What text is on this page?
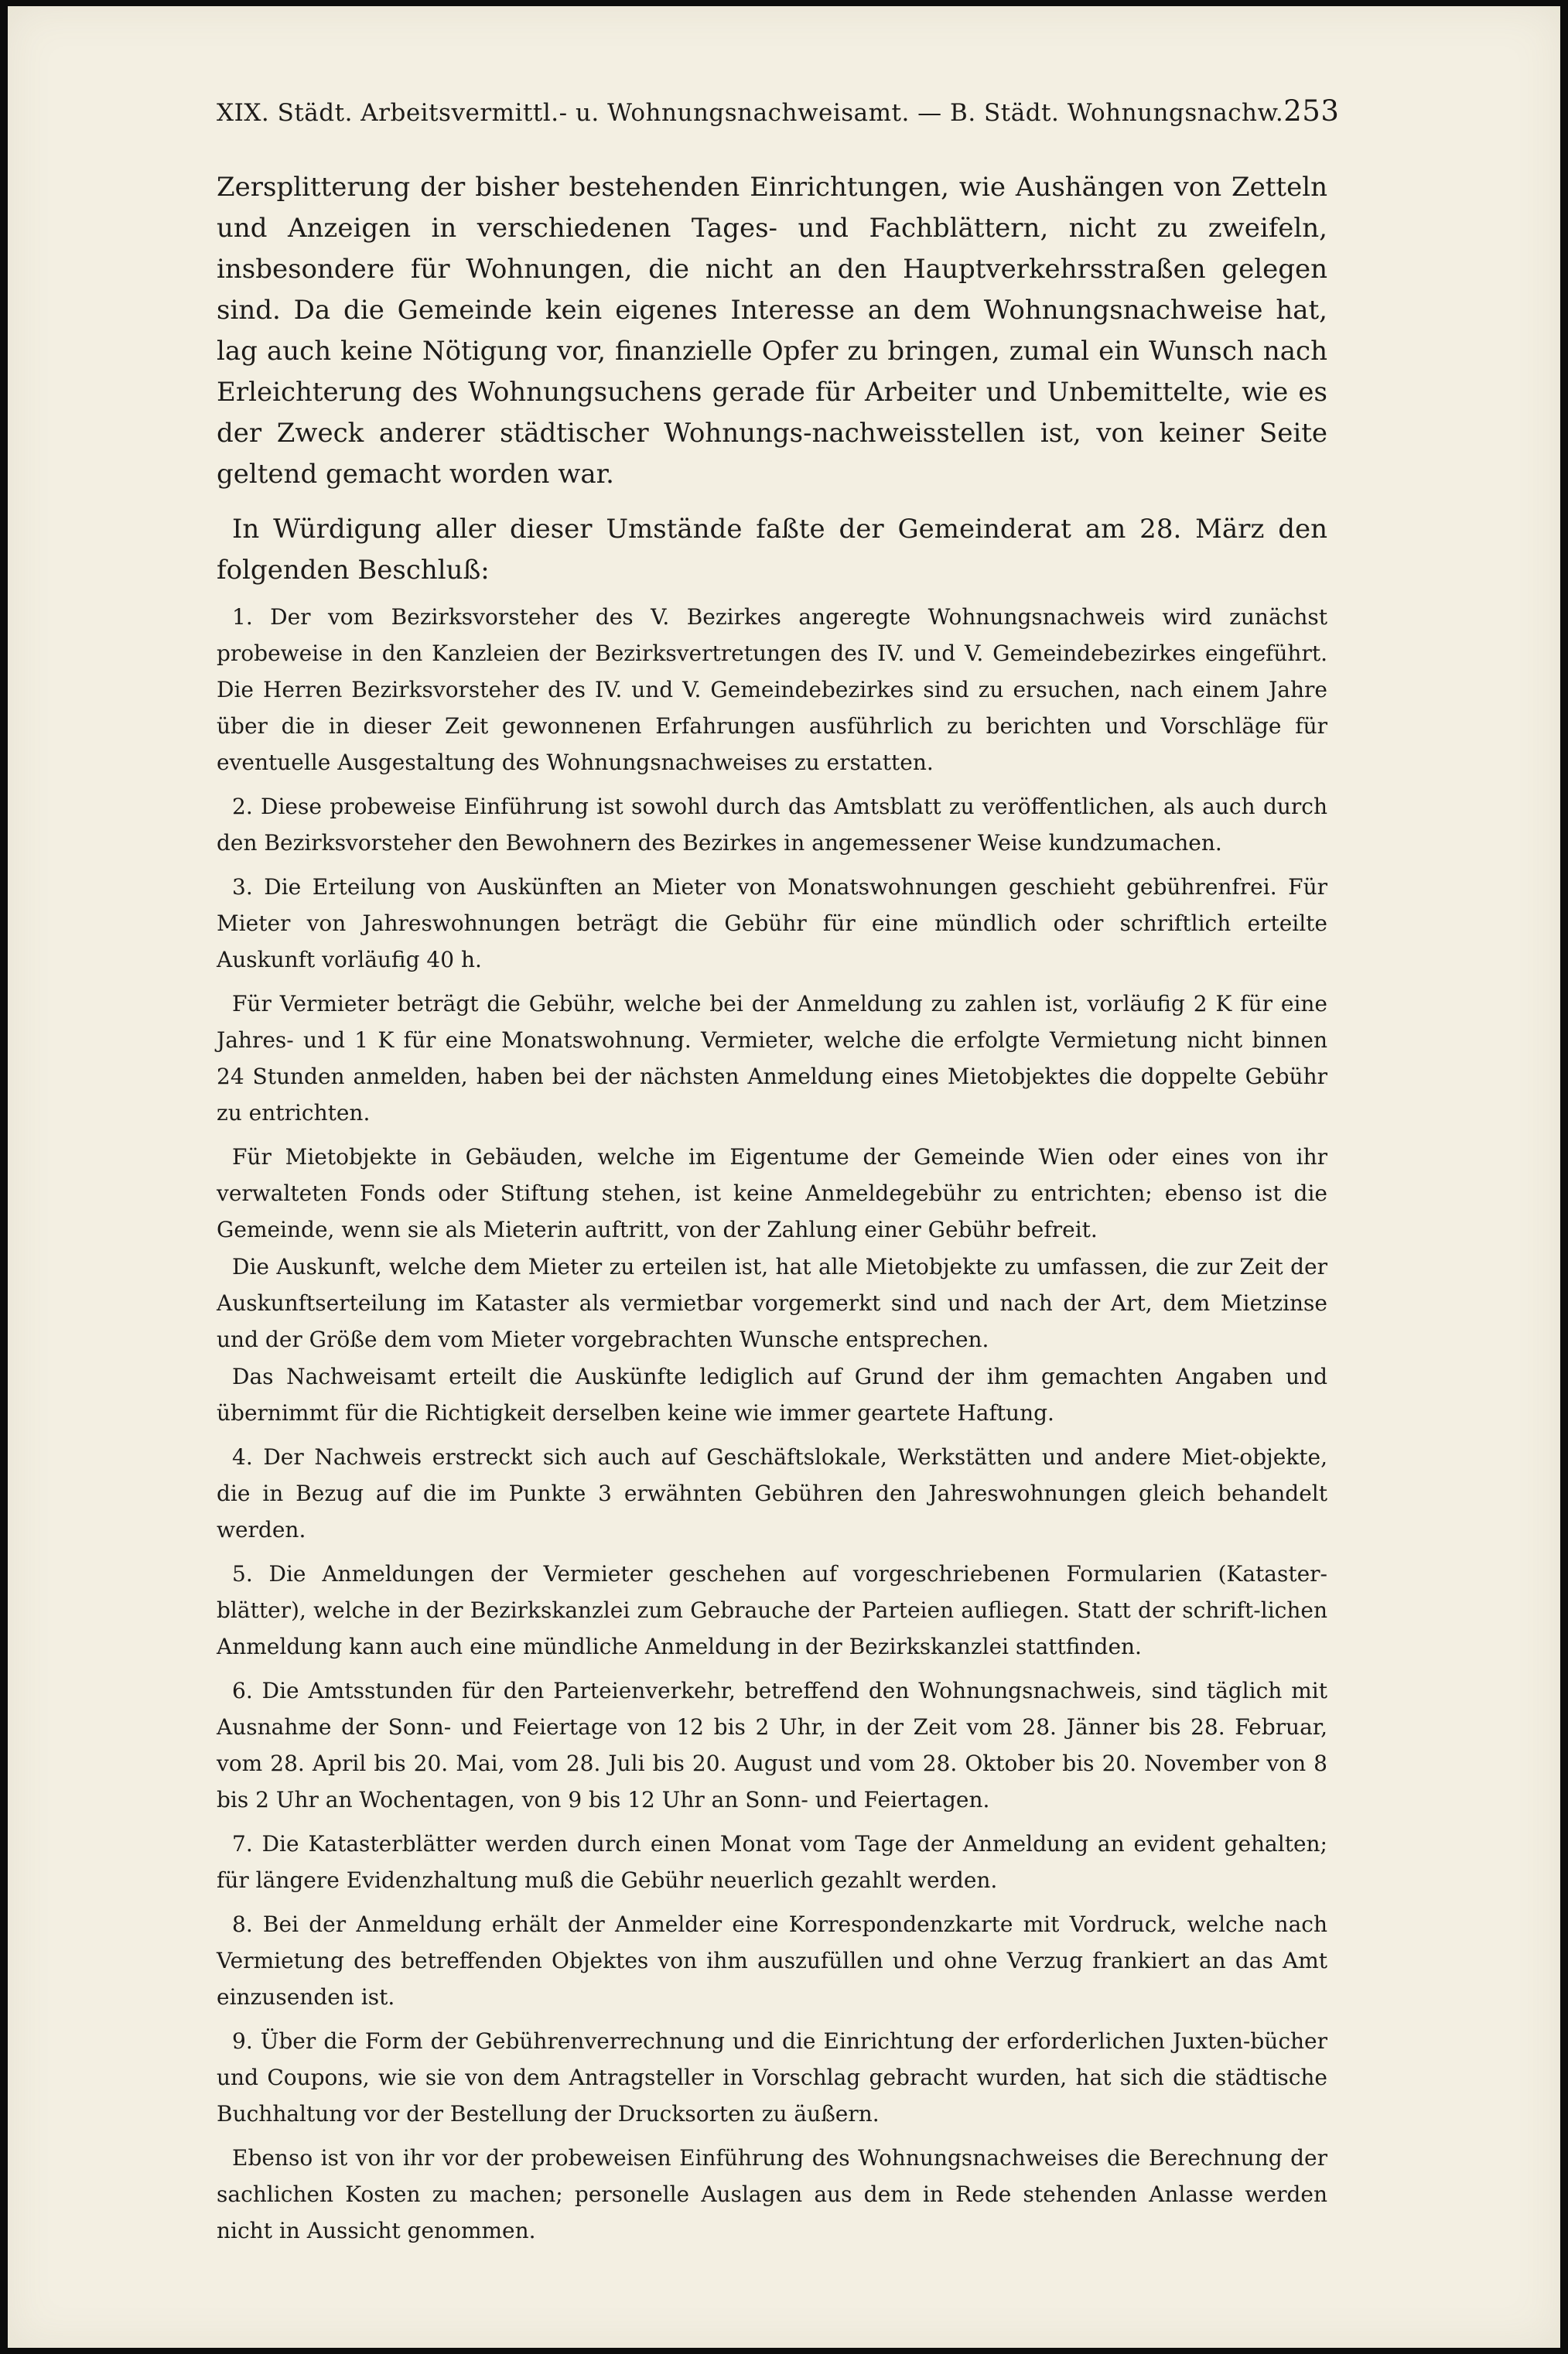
XIX. Städt. Arbeitsvermittl.- u. Wohnungsnachweisamt. — B. Städt. Wohnungsnachw. 253

Zersplitterung der bisher bestehenden Einrichtungen, wie Aushängen von Zetteln und Anzeigen in verschiedenen Tages- und Fachblättern, nicht zu zweifeln, insbesondere für Wohnungen, die nicht an den Hauptverkehrsstraßen gelegen sind. Da die Gemeinde kein eigenes Interesse an dem Wohnungsnachweise hat, lag auch keine Nötigung vor, finanzielle Opfer zu bringen, zumal ein Wunsch nach Erleichterung des Wohnungsuchens gerade für Arbeiter und Unbemittelte, wie es der Zweck anderer städtischer Wohnungs-nachweisstellen ist, von keiner Seite geltend gemacht worden war.

In Würdigung aller dieser Umstände faßte der Gemeinderat am 28. März den folgenden Beschluß:

1. Der vom Bezirksvorsteher des V. Bezirkes angeregte Wohnungsnachweis wird zunächst probeweise in den Kanzleien der Bezirksvertretungen des IV. und V. Gemeindebezirkes eingeführt. Die Herren Bezirksvorsteher des IV. und V. Gemeindebezirkes sind zu ersuchen, nach einem Jahre über die in dieser Zeit gewonnenen Erfahrungen ausführlich zu berichten und Vorschläge für eventuelle Ausgestaltung des Wohnungsnachweises zu erstatten.

2. Diese probeweise Einführung ist sowohl durch das Amtsblatt zu veröffentlichen, als auch durch den Bezirksvorsteher den Bewohnern des Bezirkes in angemessener Weise kundzumachen.

3. Die Erteilung von Auskünften an Mieter von Monatswohnungen geschieht gebührenfrei. Für Mieter von Jahreswohnungen beträgt die Gebühr für eine mündlich oder schriftlich erteilte Auskunft vorläufig 40 h.

Für Vermieter beträgt die Gebühr, welche bei der Anmeldung zu zahlen ist, vorläufig 2 K für eine Jahres- und 1 K für eine Monatswohnung. Vermieter, welche die erfolgte Vermietung nicht binnen 24 Stunden anmelden, haben bei der nächsten Anmeldung eines Mietobjektes die doppelte Gebühr zu entrichten.

Für Mietobjekte in Gebäuden, welche im Eigentume der Gemeinde Wien oder eines von ihr verwalteten Fonds oder Stiftung stehen, ist keine Anmeldegebühr zu entrichten; ebenso ist die Gemeinde, wenn sie als Mieterin auftritt, von der Zahlung einer Gebühr befreit.

Die Auskunft, welche dem Mieter zu erteilen ist, hat alle Mietobjekte zu umfassen, die zur Zeit der Auskunftserteilung im Kataster als vermietbar vorgemerkt sind und nach der Art, dem Mietzinse und der Größe dem vom Mieter vorgebrachten Wunsche entsprechen.

Das Nachweisamt erteilt die Auskünfte lediglich auf Grund der ihm gemachten Angaben und übernimmt für die Richtigkeit derselben keine wie immer geartete Haftung.

4. Der Nachweis erstreckt sich auch auf Geschäftslokale, Werkstätten und andere Miet-objekte, die in Bezug auf die im Punkte 3 erwähnten Gebühren den Jahreswohnungen gleich behandelt werden.

5. Die Anmeldungen der Vermieter geschehen auf vorgeschriebenen Formularien (Kataster-blätter), welche in der Bezirkskanzlei zum Gebrauche der Parteien aufliegen. Statt der schrift-lichen Anmeldung kann auch eine mündliche Anmeldung in der Bezirkskanzlei stattfinden.

6. Die Amtsstunden für den Parteienverkehr, betreffend den Wohnungsnachweis, sind täglich mit Ausnahme der Sonn- und Feiertage von 12 bis 2 Uhr, in der Zeit vom 28. Jänner bis 28. Februar, vom 28. April bis 20. Mai, vom 28. Juli bis 20. August und vom 28. Oktober bis 20. November von 8 bis 2 Uhr an Wochentagen, von 9 bis 12 Uhr an Sonn- und Feiertagen.

7. Die Katasterblätter werden durch einen Monat vom Tage der Anmeldung an evident gehalten; für längere Evidenzhaltung muß die Gebühr neuerlich gezahlt werden.

8. Bei der Anmeldung erhält der Anmelder eine Korrespondenzkarte mit Vordruck, welche nach Vermietung des betreffenden Objektes von ihm auszufüllen und ohne Verzug frankiert an das Amt einzusenden ist.

9. Über die Form der Gebührenverrechnung und die Einrichtung der erforderlichen Juxten-bücher und Coupons, wie sie von dem Antragsteller in Vorschlag gebracht wurden, hat sich die städtische Buchhaltung vor der Bestellung der Drucksorten zu äußern.

Ebenso ist von ihr vor der probeweisen Einführung des Wohnungsnachweises die Berechnung der sachlichen Kosten zu machen; personelle Auslagen aus dem in Rede stehenden Anlasse werden nicht in Aussicht genommen.
